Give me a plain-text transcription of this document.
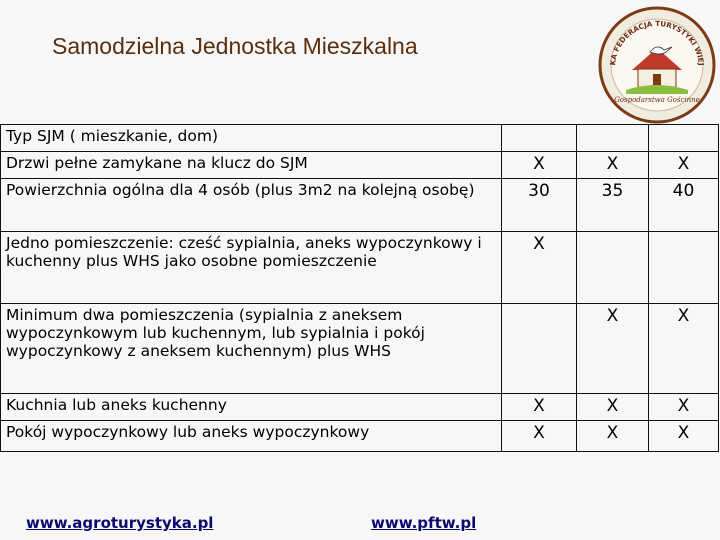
Samodzielna Jednostka Mieszkalna
KA FEDERACJA TURYSTYKI WIEJ
Gospodarstwa Gościnne
Typ SJM ( mieszkanie, dom)			
Drzwi pełne zamykane na klucz do SJM	X	X	X
Powierzchnia ogólna dla 4 osób (plus 3m2 na kolejną osobę)	30	35	40
Jedno pomieszczenie: cześć sypialnia, aneks wypoczynkowy i kuchenny plus WHS jako osobne pomieszczenie	X		
Minimum dwa pomieszczenia (sypialnia z aneksem wypoczynkowym lub kuchennym, lub sypialnia i pokój wypoczynkowy z aneksem kuchennym) plus WHS		X	X
Kuchnia lub aneks kuchenny	X	X	X
Pokój wypoczynkowy lub aneks wypoczynkowy	X	X	X
www.agroturystyka.pl	www.pftw.pl
